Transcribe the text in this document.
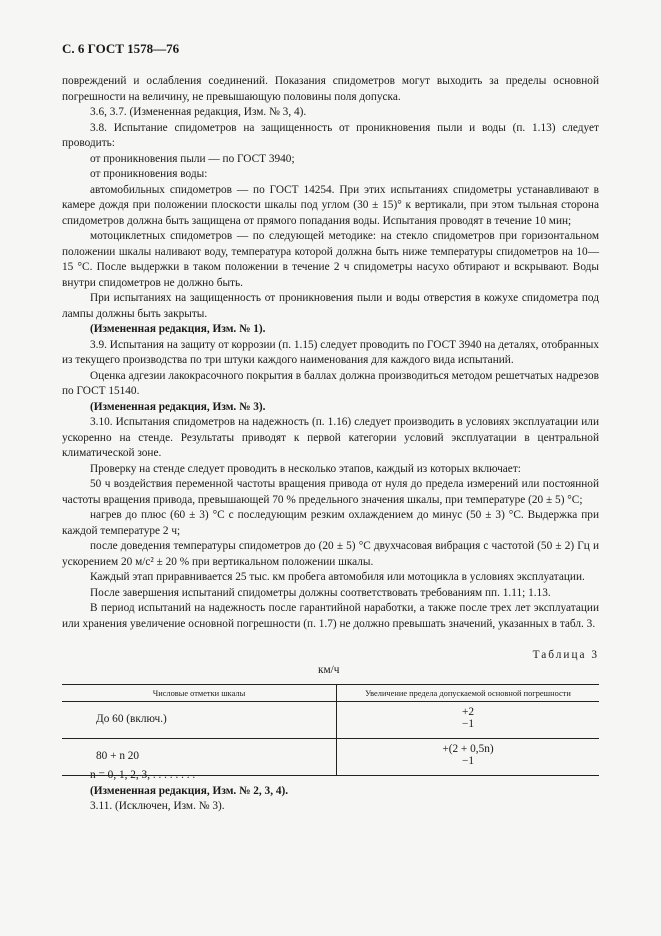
С. 6 ГОСТ 1578—76

повреждений и ослабления соединений. Показания спидометров могут выходить за пределы основной погрешности на величину, не превышающую половины поля допуска.

3.6, 3.7. (Измененная редакция, Изм. № 3, 4).

3.8. Испытание спидометров на защищенность от проникновения пыли и воды (п. 1.13) следует проводить:

от проникновения пыли — по ГОСТ 3940;

от проникновения воды:

автомобильных спидометров — по ГОСТ 14254. При этих испытаниях спидометры устанавливают в камере дождя при положении плоскости шкалы под углом (30 ± 15)° к вертикали, при этом тыльная сторона спидометров должна быть защищена от прямого попадания воды. Испытания проводят в течение 10 мин;

мотоциклетных спидометров — по следующей методике: на стекло спидометров при горизонтальном положении шкалы наливают воду, температура которой должна быть ниже температуры спидометров на 10—15 °С. После выдержки в таком положении в течение 2 ч спидометры насухо обтирают и вскрывают. Воды внутри спидометров не должно быть.

При испытаниях на защищенность от проникновения пыли и воды отверстия в кожухе спидометра под лампы должны быть закрыты.

(Измененная редакция, Изм. № 1).

3.9. Испытания на защиту от коррозии (п. 1.15) следует проводить по ГОСТ 3940 на деталях, отобранных из текущего производства по три штуки каждого наименования для каждого вида испытаний.

Оценка адгезии лакокрасочного покрытия в баллах должна производиться методом решетчатых надрезов по ГОСТ 15140.

(Измененная редакция, Изм. № 3).

3.10. Испытания спидометров на надежность (п. 1.16) следует производить в условиях эксплуатации или ускоренно на стенде. Результаты приводят к первой категории условий эксплуатации в центральной климатической зоне.

Проверку на стенде следует проводить в несколько этапов, каждый из которых включает:

50 ч воздействия переменной частоты вращения привода от нуля до предела измерений или постоянной частоты вращения привода, превышающей 70 % предельного значения шкалы, при температуре (20 ± 5) °С;

нагрев до плюс (60 ± 3) °С с последующим резким охлаждением до минус (50 ± 3) °С. Выдержка при каждой температуре 2 ч;

после доведения температуры спидометров до (20 ± 5) °С двухчасовая вибрация с частотой (50 ± 2) Гц и ускорением 20 м/с² ± 20 % при вертикальном положении шкалы.

Каждый этап приравнивается 25 тыс. км пробега автомобиля или мотоцикла в условиях эксплуатации.

После завершения испытаний спидометры должны соответствовать требованиям пп. 1.11; 1.13.

В период испытаний на надежность после гарантийной наработки, а также после трех лет эксплуатации или хранения увеличение основной погрешности (п. 1.7) не должно превышать значений, указанных в табл. 3.

Таблица 3
км/ч
Числовые отметки шкалы	Увеличение предела допускаемой основной погрешности

До 60 (включ.)	+2
−1

80 + n 20	+(2 + 0,5n)
−1

n = 0, 1, 2, 3, . . . . . . . .

(Измененная редакция, Изм. № 2, 3, 4).

3.11. (Исключен, Изм. № 3).
